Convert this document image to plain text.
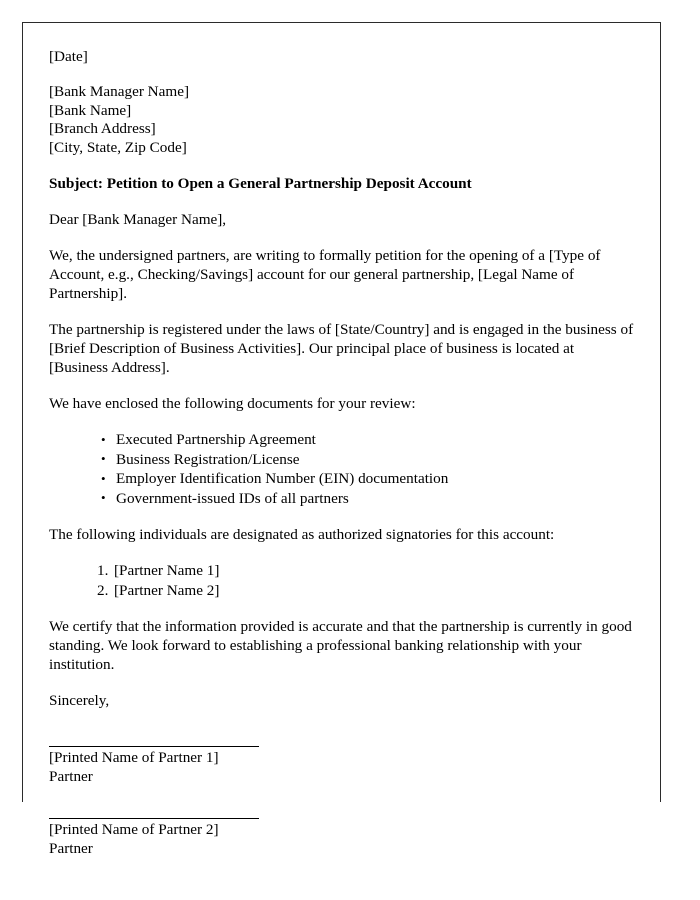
[Date]
[Bank Manager Name]
[Bank Name]
[Branch Address]
[City, State, Zip Code]
Subject: Petition to Open a General Partnership Deposit Account
Dear [Bank Manager Name],
We, the undersigned partners, are writing to formally petition for the opening of a [Type of Account, e.g., Checking/Savings] account for our general partnership, [Legal Name of Partnership].
The partnership is registered under the laws of [State/Country] and is engaged in the business of [Brief Description of Business Activities]. Our principal place of business is located at [Business Address].
We have enclosed the following documents for your review:
• Executed Partnership Agreement
• Business Registration/License
• Employer Identification Number (EIN) documentation
• Government-issued IDs of all partners
The following individuals are designated as authorized signatories for this account:
[Partner Name 1]
[Partner Name 2]
We certify that the information provided is accurate and that the partnership is currently in good standing. We look forward to establishing a professional banking relationship with your institution.
Sincerely,
[Printed Name of Partner 1]
Partner
[Printed Name of Partner 2]
Partner
